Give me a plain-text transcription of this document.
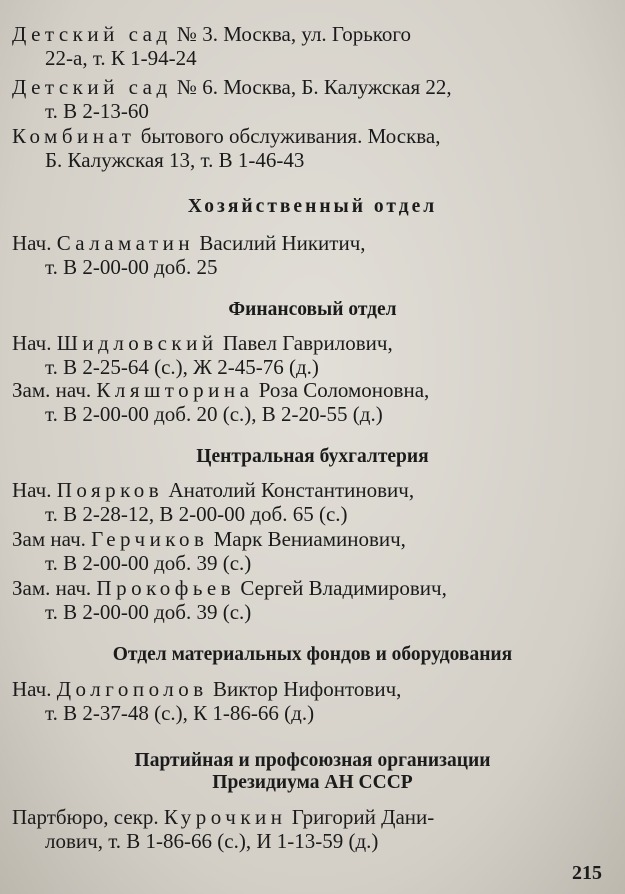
Детский сад № 3. Москва, ул. Горького
22-а, т. К 1-94-24
Детский сад № 6. Москва, Б. Калужская 22,
т. В 2-13-60
Комбинат бытового обслуживания. Москва,
Б. Калужская 13, т. В 1-46-43
Хозяйственный отдел
Нач. Саламатин Василий Никитич,
т. В 2-00-00 доб. 25
Финансовый отдел
Нач. Шидловский Павел Гаврилович,
т. В 2-25-64 (с.), Ж 2-45-76 (д.)
Зам. нач. Кляшторина Роза Соломоновна,
т. В 2-00-00 доб. 20 (с.), В 2-20-55 (д.)
Центральная бухгалтерия
Нач. Поярков Анатолий Константинович,
т. В 2-28-12, В 2-00-00 доб. 65 (с.)
Зам нач. Герчиков Марк Вениаминович,
т. В 2-00-00 доб. 39 (с.)
Зам. нач. Прокофьев Сергей Владимирович,
т. В 2-00-00 доб. 39 (с.)
Отдел материальных фондов и оборудования
Нач. Долгополов Виктор Нифонтович,
т. В 2-37-48 (с.), К 1-86-66 (д.)
Партийная и профсоюзная организации
Президиума АН СССР
Партбюро, секр. Курочкин Григорий Дани-
лович, т. В 1-86-66 (с.), И 1-13-59 (д.)
215
